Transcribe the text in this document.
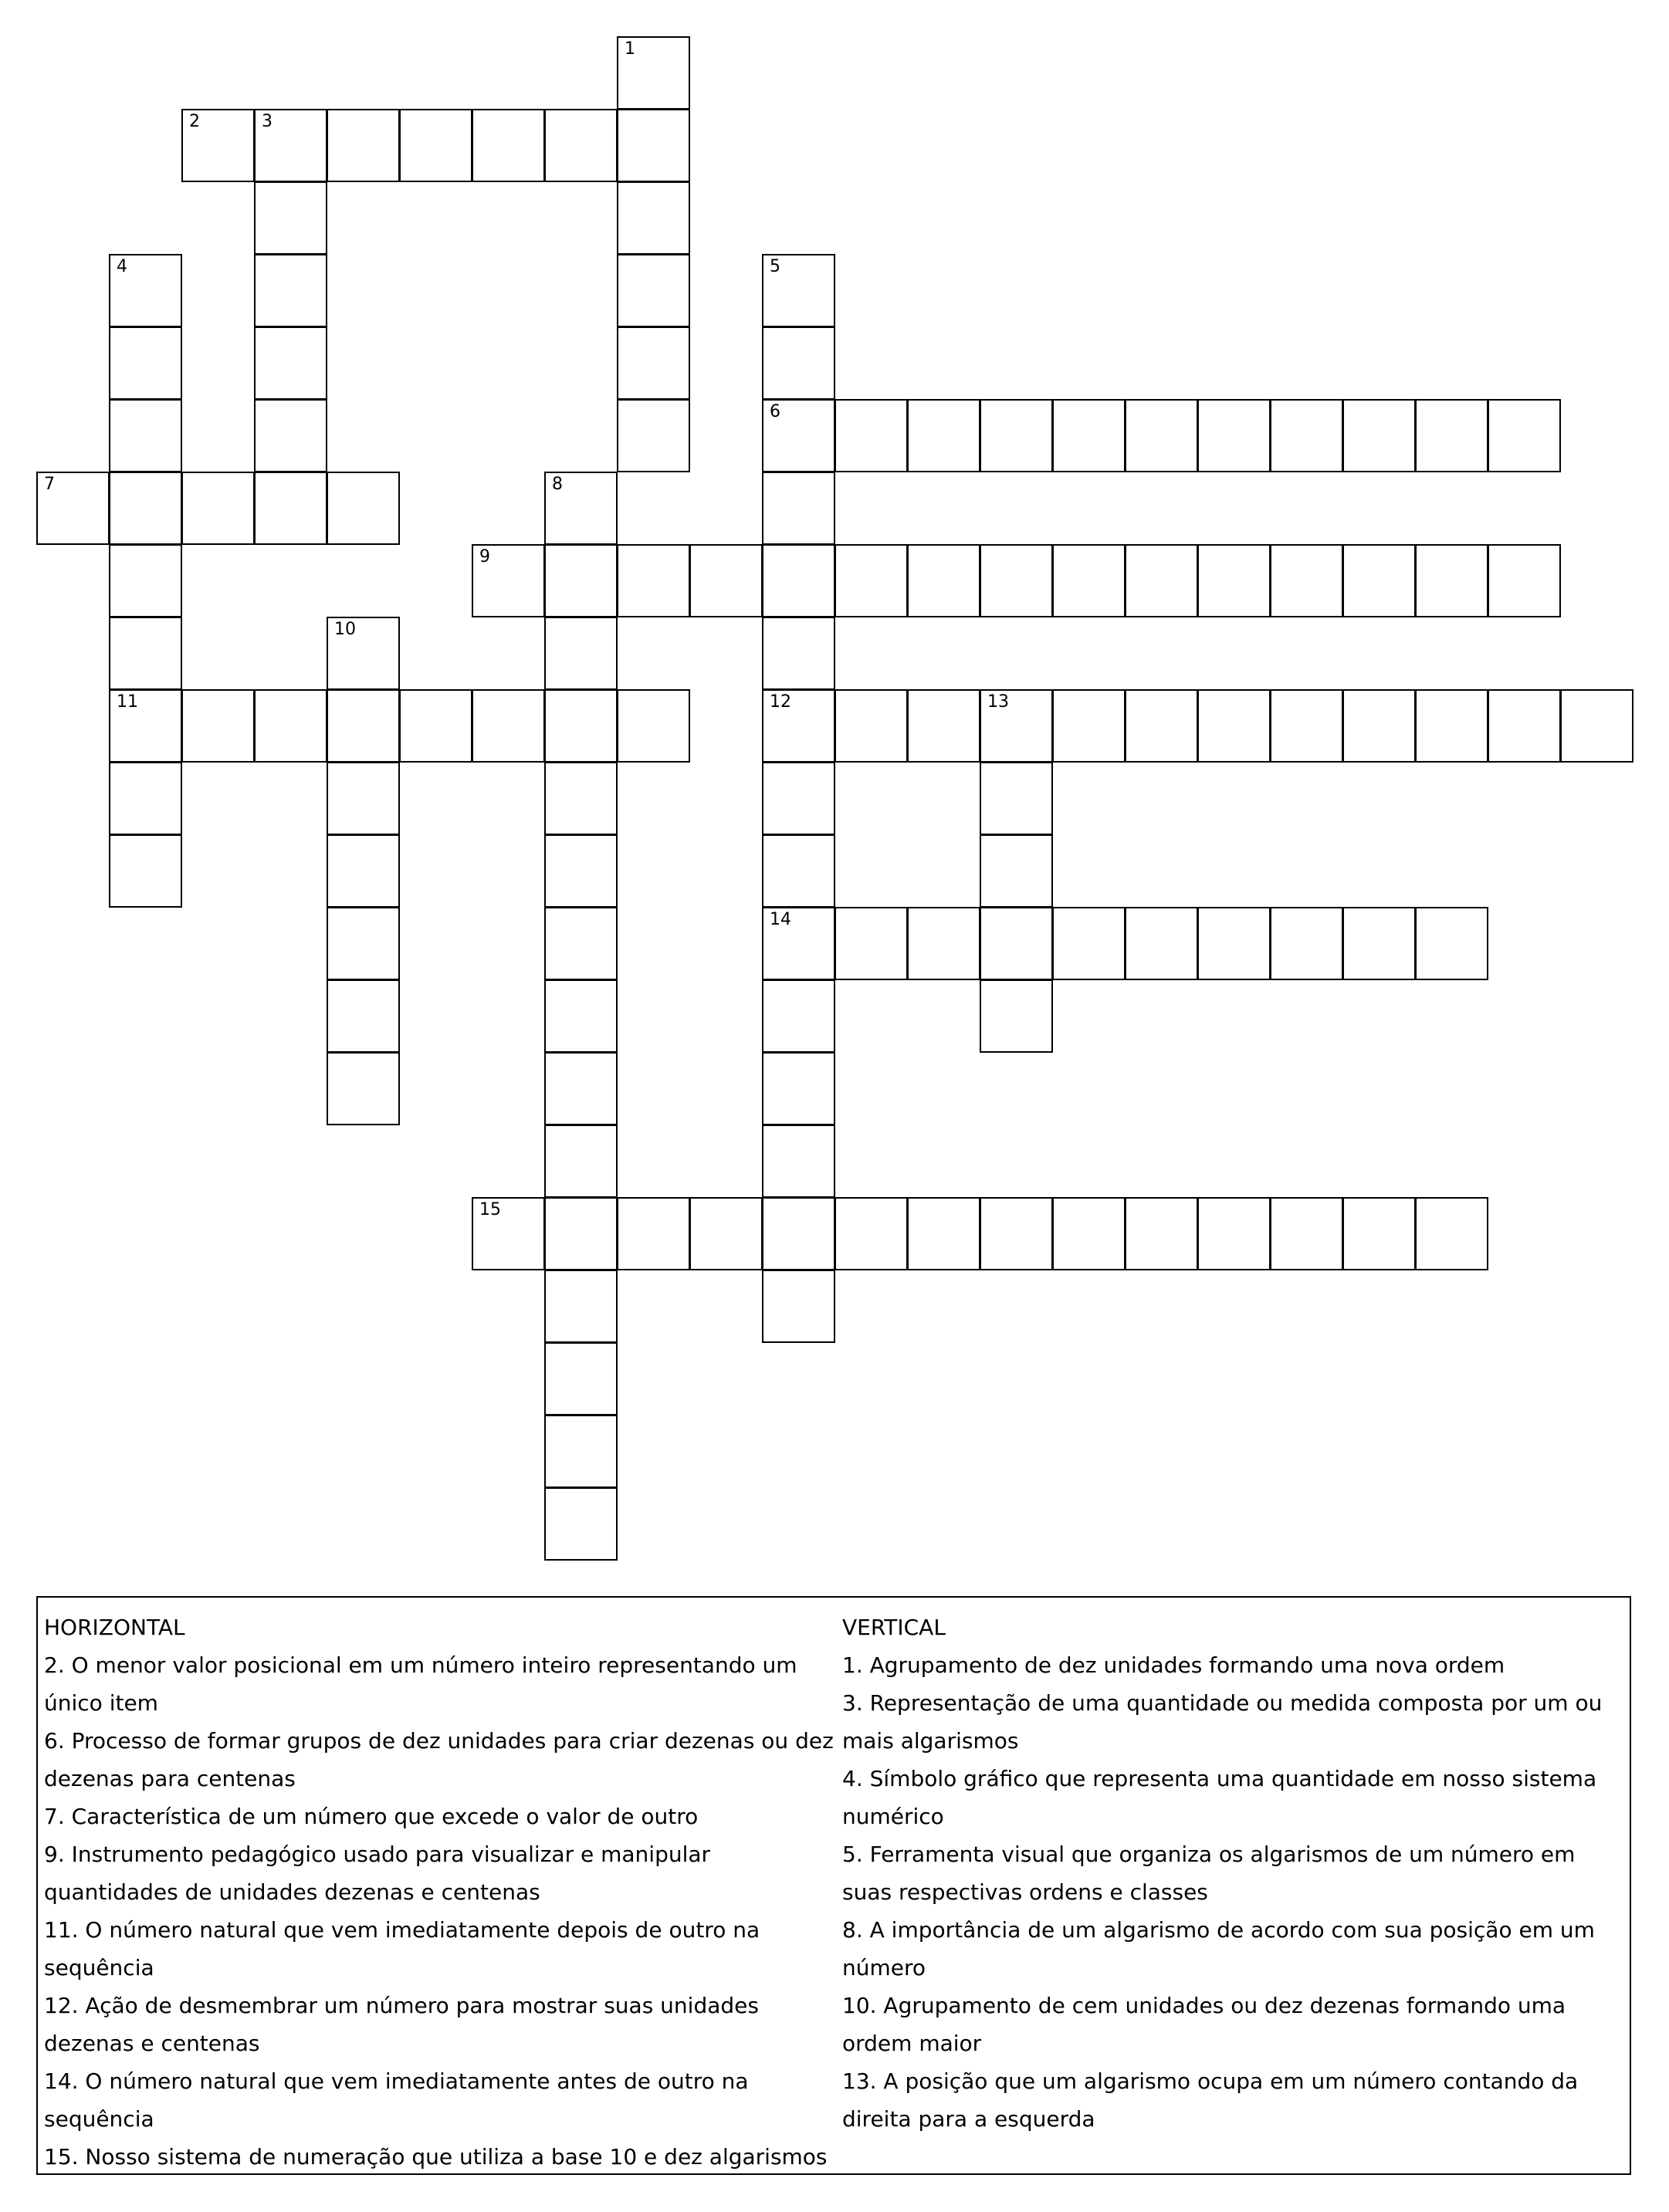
1
2	3
4
11
5
6
12
14
7	8
9
10
13
15
HORIZONTAL
2. O menor valor posicional em um número inteiro representando um único item
6. Processo de formar grupos de dez unidades para criar dezenas ou dez dezenas para centenas
7. Característica de um número que excede o valor de outro
9. Instrumento pedagógico usado para visualizar e manipular quantidades de unidades dezenas e centenas
11. O número natural que vem imediatamente depois de outro na sequência
12. Ação de desmembrar um número para mostrar suas unidades dezenas e centenas
14. O número natural que vem imediatamente antes de outro na sequência
15. Nosso sistema de numeração que utiliza a base 10 e dez algarismos
VERTICAL
1. Agrupamento de dez unidades formando uma nova ordem
3. Representação de uma quantidade ou medida composta por um ou mais algarismos
4. Símbolo gráfico que representa uma quantidade em nosso sistema numérico
5. Ferramenta visual que organiza os algarismos de um número em suas respectivas ordens e classes
8. A importância de um algarismo de acordo com sua posição em um número
10. Agrupamento de cem unidades ou dez dezenas formando uma ordem maior
13. A posição que um algarismo ocupa em um número contando da direita para a esquerda
